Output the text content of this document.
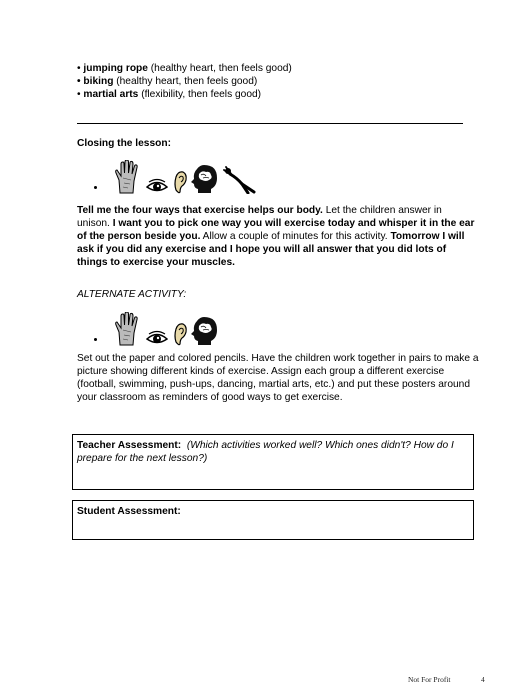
• jumping rope (healthy heart, then feels good)
• biking (healthy heart, then feels good)
• martial arts (flexibility, then feels good)
Closing the lesson:
Tell me the four ways that exercise helps our body. Let the children answer in unison. I want you to pick one way you will exercise today and whisper it in the ear of the person beside you. Allow a couple of minutes for this activity. Tomorrow I will ask if you did any exercise and I hope you will all answer that you did lots of things to exercise your muscles.
ALTERNATE ACTIVITY:
Set out the paper and colored pencils. Have the children work together in pairs to make a picture showing different kinds of exercise. Assign each group a different exercise (football, swimming, push-ups, dancing, martial arts, etc.) and put these posters around your classroom as reminders of good ways to get exercise.
Teacher Assessment: (Which activities worked well? Which ones didn't? How do I prepare for the next lesson?)
Student Assessment:
Not For Profit	4
